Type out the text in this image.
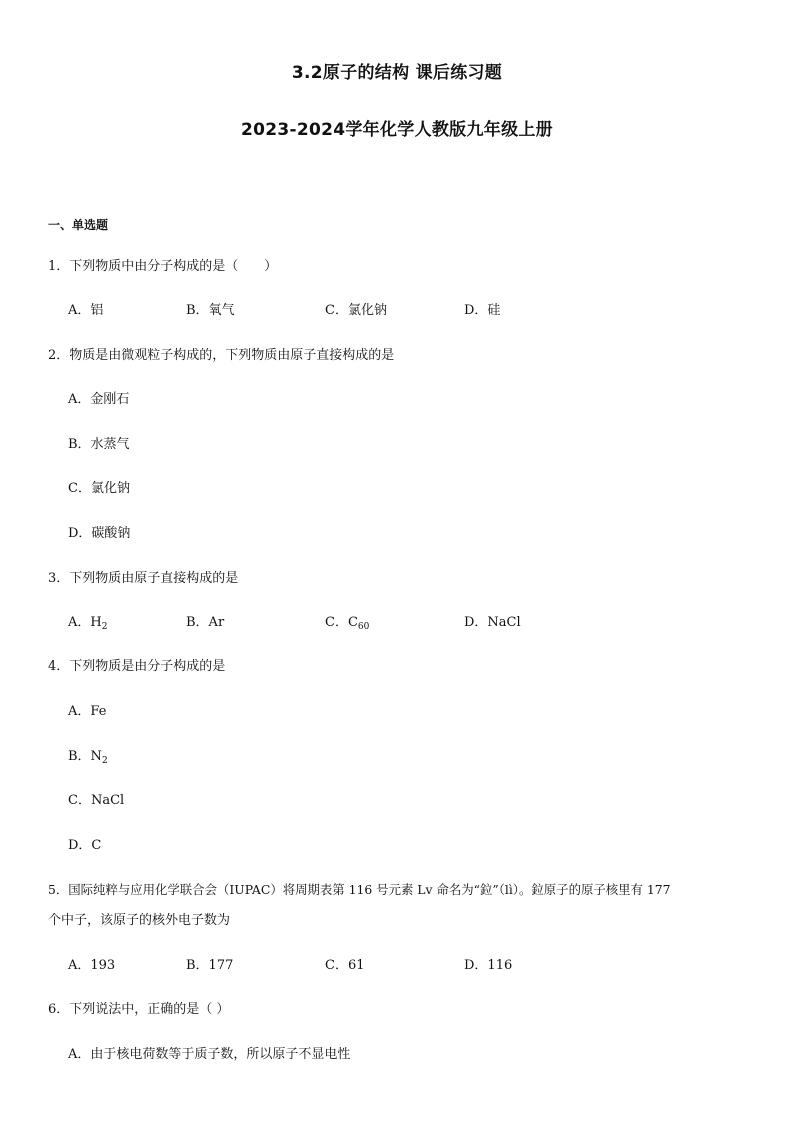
3.2原子的结构 课后练习题
2023-2024学年化学人教版九年级上册
一、单选题
1．下列物质中由分子构成的是（　　）
A．铝	B．氧气	C．氯化钠	D．硅
2．物质是由微观粒子构成的，下列物质由原子直接构成的是
A．金刚石
B．水蒸气
C．氯化钠
D．碳酸钠
3．下列物质由原子直接构成的是
A．$H_2$	B．Ar	C．$C_{60}$	D．NaCl
4．下列物质是由分子构成的是
A．Fe
B．$N_2$
C．NaCl
D．C
5．国际纯粹与应用化学联合会（IUPAC）将周期表第 116 号元素 Lv 命名为“鉝”（lì）。鉝原子的原子核里有 177
个中子，该原子的核外电子数为
A．193	B．177	C．61	D．116
6．下列说法中，正确的是（ ）
A．由于核电荷数等于质子数，所以原子不显电性
